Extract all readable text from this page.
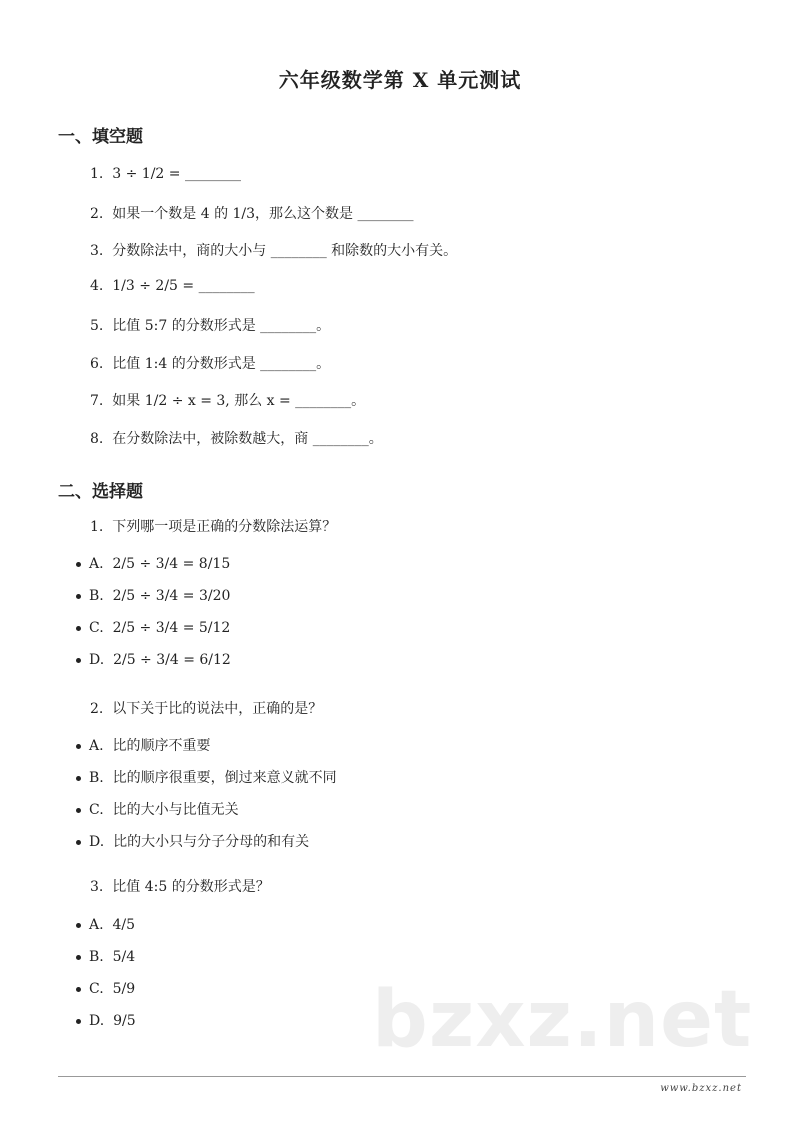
六年级数学第 X 单元测试
一、填空题
1.  3 ÷ 1/2 = ________
2.  如果一个数是 4 的 1/3，那么这个数是 ________
3.  分数除法中，商的大小与 ________ 和除数的大小有关。
4.  1/3 ÷ 2/5 = ________
5.  比值 5:7 的分数形式是 ________。
6.  比值 1:4 的分数形式是 ________。
7.  如果 1/2 ÷ x = 3, 那么 x = ________。
8.  在分数除法中，被除数越大，商 ________。
二、选择题
1.  下列哪一项是正确的分数除法运算？
A.  2/5 ÷ 3/4 = 8/15
B.  2/5 ÷ 3/4 = 3/20
C.  2/5 ÷ 3/4 = 5/12
D.  2/5 ÷ 3/4 = 6/12
2.  以下关于比的说法中，正确的是？
A.  比的顺序不重要
B.  比的顺序很重要，倒过来意义就不同
C.  比的大小与比值无关
D.  比的大小只与分子分母的和有关
3.  比值 4:5 的分数形式是？
A.  4/5
B.  5/4
C.  5/9
D.  9/5	bzxz.net
www.bzxz.net
